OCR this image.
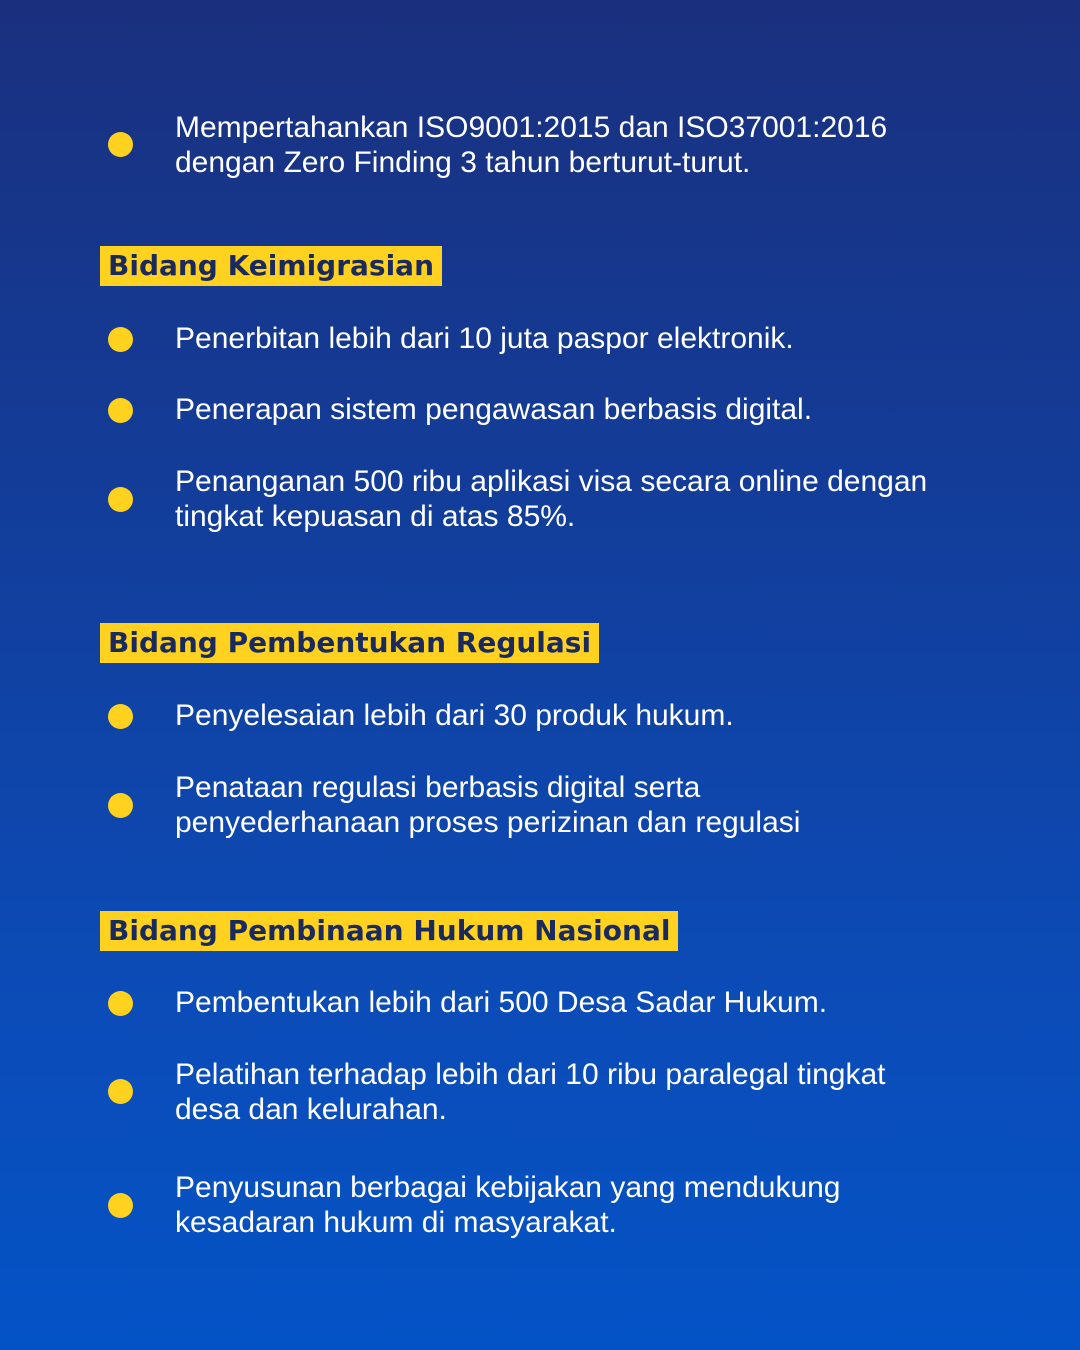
Mempertahankan ISO9001:2015 dan ISO37001:2016
dengan Zero Finding 3 tahun berturut-turut.
Bidang Keimigrasian
Penerbitan lebih dari 10 juta paspor elektronik.
Penerapan sistem pengawasan berbasis digital.
Penanganan 500 ribu aplikasi visa secara online dengan
tingkat kepuasan di atas 85%.
Bidang Pembentukan Regulasi
Penyelesaian lebih dari 30 produk hukum.
Penataan regulasi berbasis digital serta
penyederhanaan proses perizinan dan regulasi
Bidang Pembinaan Hukum Nasional
Pembentukan lebih dari 500 Desa Sadar Hukum.
Pelatihan terhadap lebih dari 10 ribu paralegal tingkat
desa dan kelurahan.
Penyusunan berbagai kebijakan yang mendukung
kesadaran hukum di masyarakat.
